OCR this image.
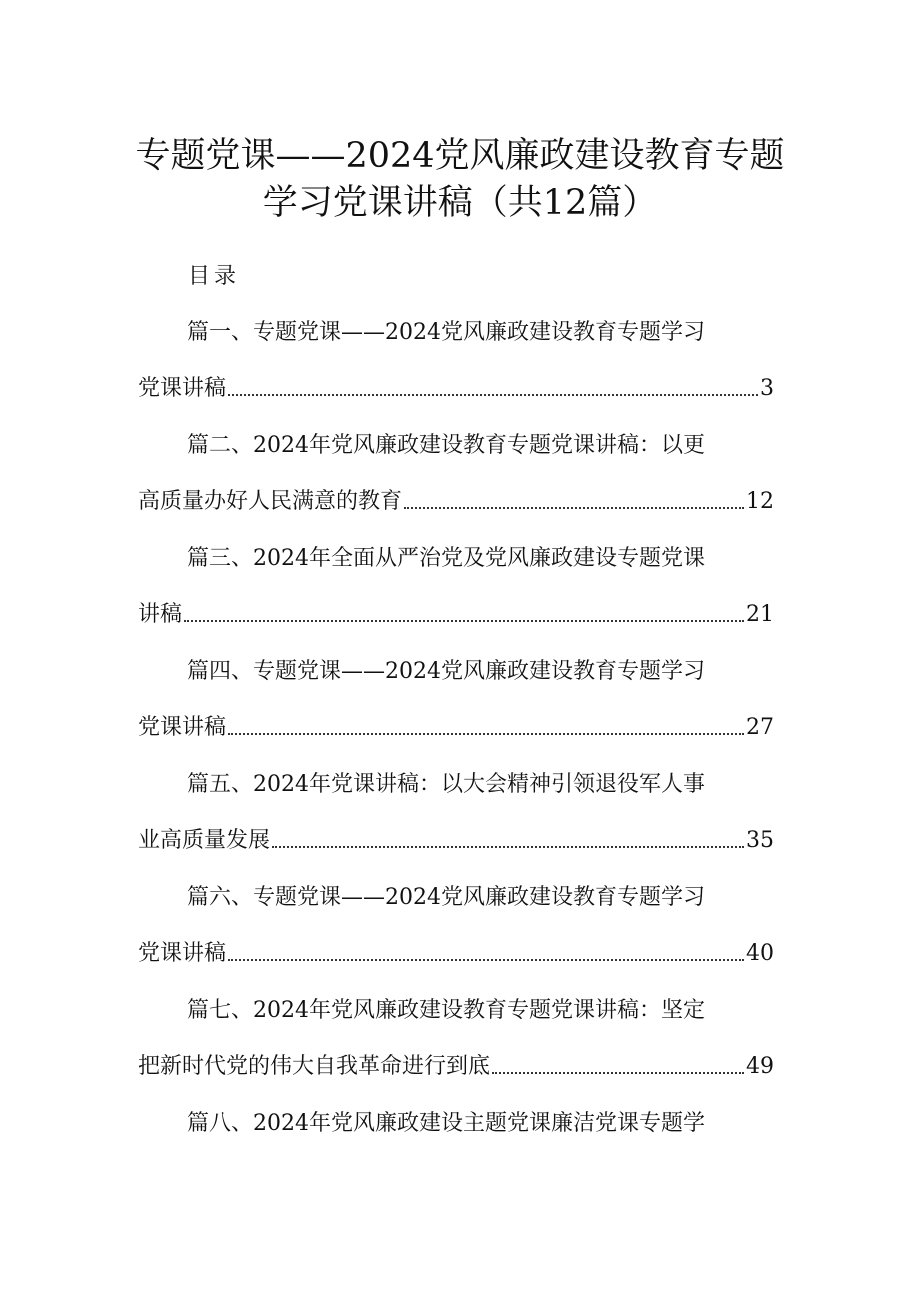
专题党课——2024党风廉政建设教育专题
学习党课讲稿（共12篇）
目录
篇一、专题党课——2024党风廉政建设教育专题学习
党课讲稿	3
篇二、2024年党风廉政建设教育专题党课讲稿：以更
高质量办好人民满意的教育	12
篇三、2024年全面从严治党及党风廉政建设专题党课
讲稿	21
篇四、专题党课——2024党风廉政建设教育专题学习
党课讲稿	27
篇五、2024年党课讲稿：以大会精神引领退役军人事
业高质量发展	35
篇六、专题党课——2024党风廉政建设教育专题学习
党课讲稿	40
篇七、2024年党风廉政建设教育专题党课讲稿：坚定
把新时代党的伟大自我革命进行到底	49
篇八、2024年党风廉政建设主题党课廉洁党课专题学
